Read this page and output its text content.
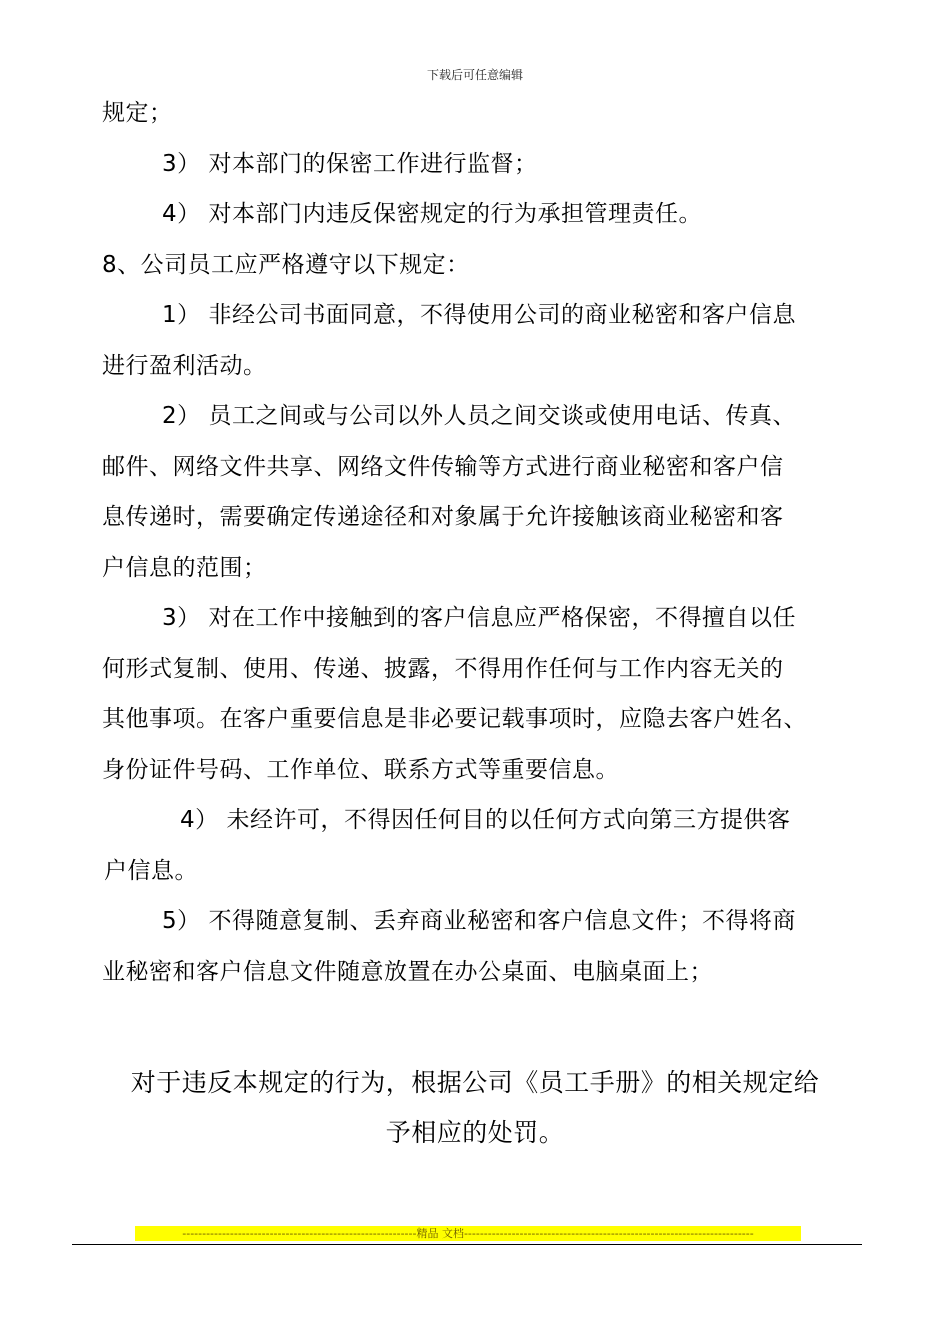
下载后可任意编辑
规定；
3） 对本部门的保密工作进行监督；
4） 对本部门内违反保密规定的行为承担管理责任。
8、公司员工应严格遵守以下规定：
1） 非经公司书面同意，不得使用公司的商业秘密和客户信息
进行盈利活动。
2） 员工之间或与公司以外人员之间交谈或使用电话、传真、
邮件、网络文件共享、网络文件传输等方式进行商业秘密和客户信
息传递时，需要确定传递途径和对象属于允许接触该商业秘密和客
户信息的范围；
3） 对在工作中接触到的客户信息应严格保密，不得擅自以任
何形式复制、使用、传递、披露，不得用作任何与工作内容无关的
其他事项。在客户重要信息是非必要记载事项时，应隐去客户姓名、
身份证件号码、工作单位、联系方式等重要信息。
4） 未经许可，不得因任何目的以任何方式向第三方提供客
户信息。
5） 不得随意复制、丢弃商业秘密和客户信息文件；不得将商
业秘密和客户信息文件随意放置在办公桌面、电脑桌面上；
对于违反本规定的行为，根据公司《员工手册》的相关规定给
予相应的处罚。
-----------------------------------------------------------精品 文档-------------------------------------------------------------------------
